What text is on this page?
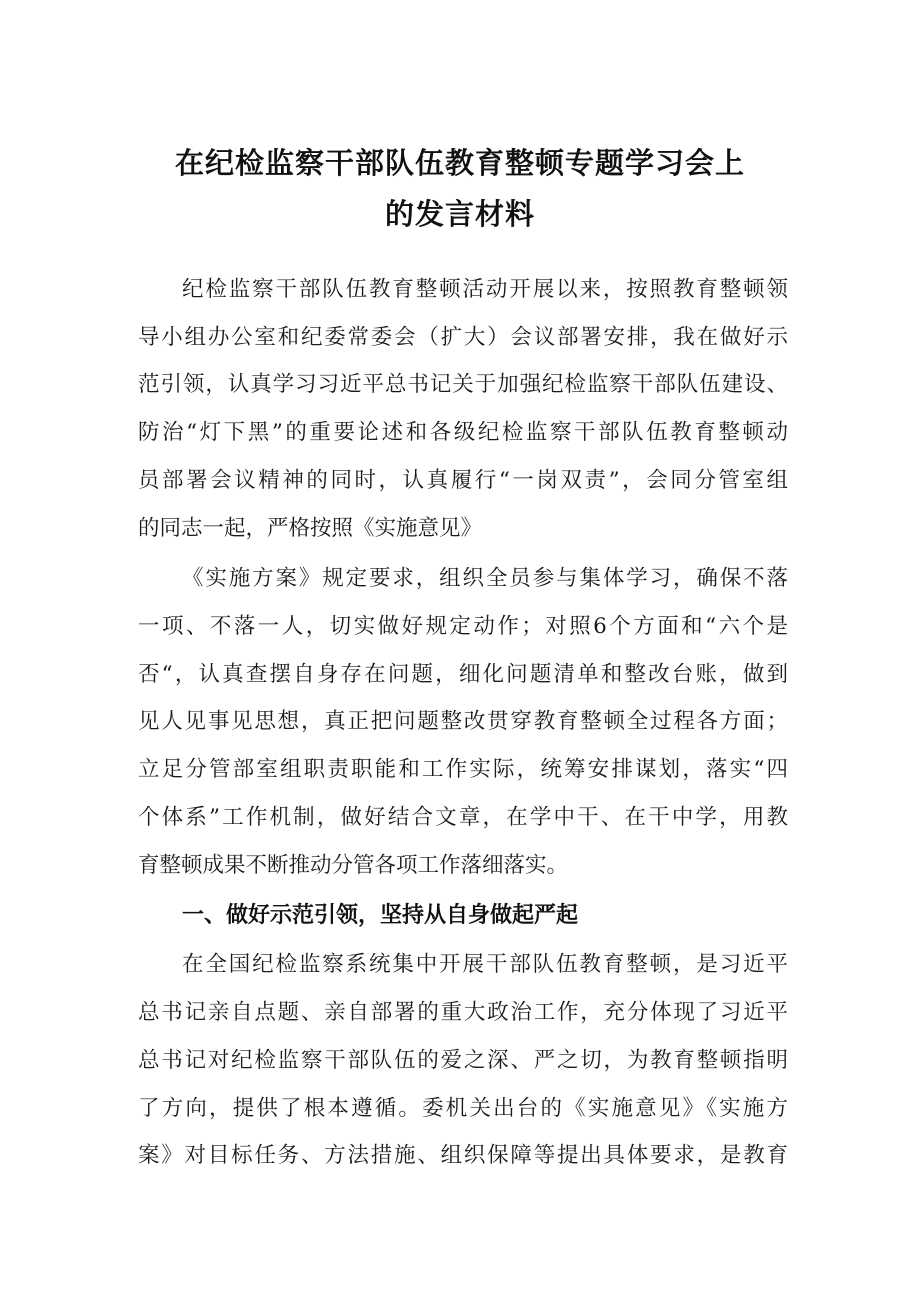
在纪检监察干部队伍教育整顿专题学习会上
的发言材料
纪检监察干部队伍教育整顿活动开展以来，按照教育整顿领
导小组办公室和纪委常委会（扩大）会议部署安排，我在做好示
范引领，认真学习习近平总书记关于加强纪检监察干部队伍建设、
防治“灯下黑”的重要论述和各级纪检监察干部队伍教育整顿动
员部署会议精神的同时，认真履行“一岗双责”，会同分管室组
的同志一起，严格按照《实施意见》
《实施方案》规定要求，组织全员参与集体学习，确保不落
一项、不落一人，切实做好规定动作；对照6个方面和“六个是
否“，认真查摆自身存在问题，细化问题清单和整改台账，做到
见人见事见思想，真正把问题整改贯穿教育整顿全过程各方面；
立足分管部室组职责职能和工作实际，统筹安排谋划，落实“四
个体系”工作机制，做好结合文章，在学中干、在干中学，用教
育整顿成果不断推动分管各项工作落细落实。
一、做好示范引领，坚持从自身做起严起
在全国纪检监察系统集中开展干部队伍教育整顿，是习近平
总书记亲自点题、亲自部署的重大政治工作，充分体现了习近平
总书记对纪检监察干部队伍的爱之深、严之切，为教育整顿指明
了方向，提供了根本遵循。委机关出台的《实施意见》《实施方
案》对目标任务、方法措施、组织保障等提出具体要求，是教育
